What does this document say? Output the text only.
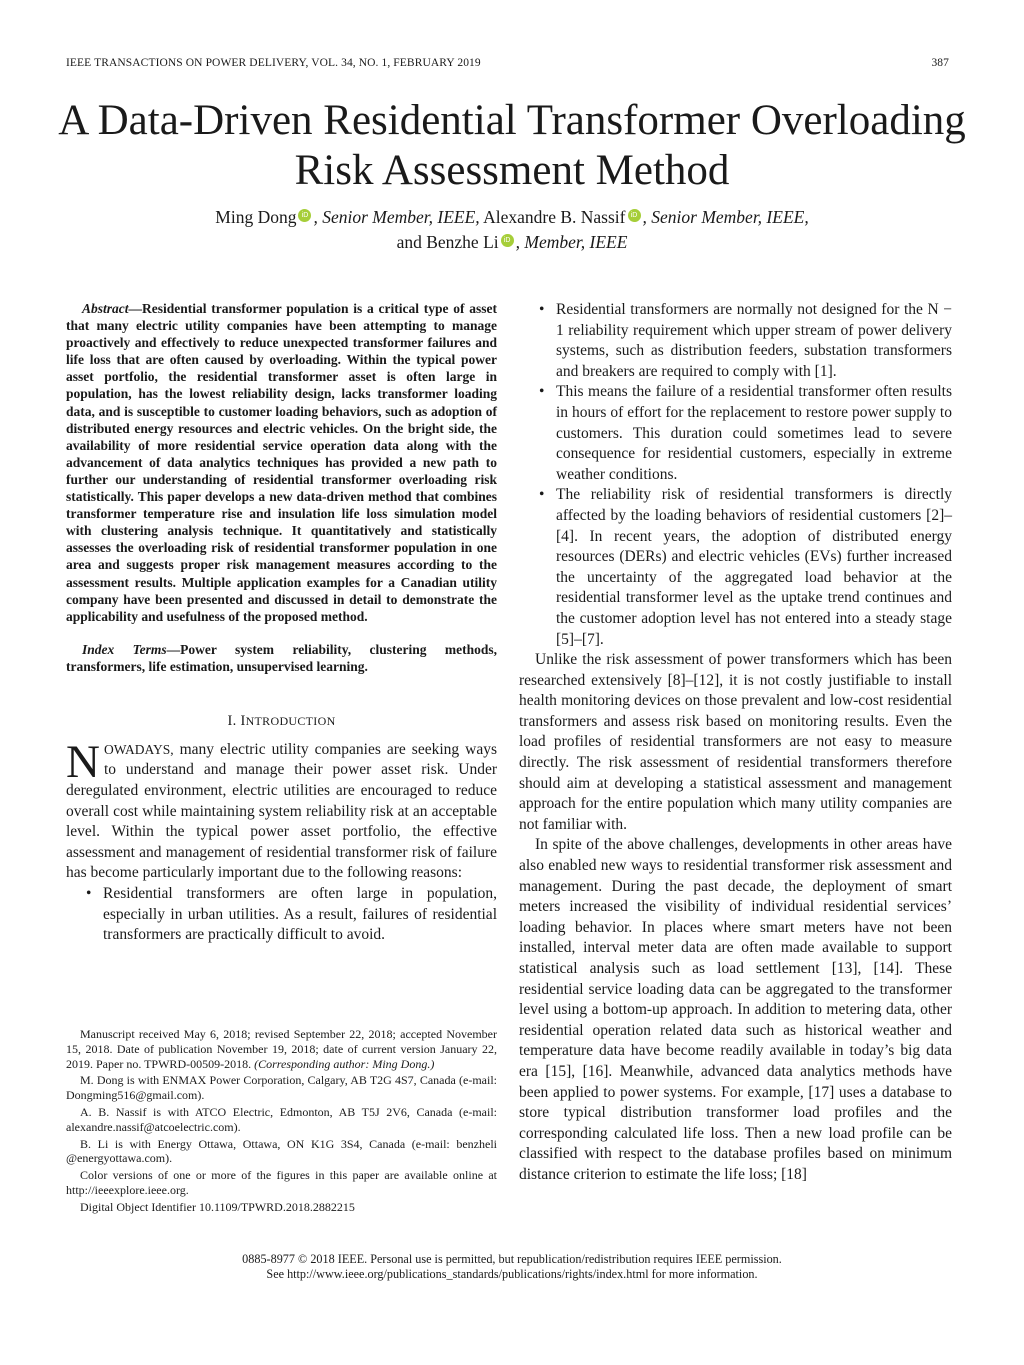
IEEE TRANSACTIONS ON POWER DELIVERY, VOL. 34, NO. 1, FEBRUARY 2019	387
A Data-Driven Residential Transformer Overloading
Risk Assessment Method
Ming Dong iD , Senior Member, IEEE, Alexandre B. Nassif iD , Senior Member, IEEE,
and Benzhe Li iD , Member, IEEE

Abstract—Residential transformer population is a critical type of asset that many electric utility companies have been attempting to manage proactively and effectively to reduce unexpected transformer failures and life loss that are often caused by overloading. Within the typical power asset portfolio, the residential transformer asset is often large in population, has the lowest reliability design, lacks transformer loading data, and is susceptible to customer loading behaviors, such as adoption of distributed energy resources and electric vehicles. On the bright side, the availability of more residential service operation data along with the advancement of data analytics techniques has provided a new path to further our understanding of residential transformer overloading risk statistically. This paper develops a new data-driven method that combines transformer temperature rise and insulation life loss simulation model with clustering analysis technique. It quantitatively and statistically assesses the overloading risk of residential transformer population in one area and suggests proper risk management measures according to the assessment results. Multiple application examples for a Canadian utility company have been presented and discussed in detail to demonstrate the applicability and usefulness of the proposed method.

Index Terms—Power system reliability, clustering methods, transformers, life estimation, unsupervised learning.

I. INTRODUCTION

NOWADAYS, many electric utility companies are seeking ways to understand and manage their power asset risk. Under deregulated environment, electric utilities are encouraged to reduce overall cost while maintaining system reliability risk at an acceptable level. Within the typical power asset portfolio, the effective assessment and management of residential transformer risk of failure has become particularly important due to the following reasons:

• Residential transformers are often large in population, especially in urban utilities. As a result, failures of residential transformers are practically difficult to avoid.

Manuscript received May 6, 2018; revised September 22, 2018; accepted November 15, 2018. Date of publication November 19, 2018; date of current version January 22, 2019. Paper no. TPWRD-00509-2018. (Corresponding author: Ming Dong.)

M. Dong is with ENMAX Power Corporation, Calgary, AB T2G 4S7, Canada (e-mail: Dongming516@gmail.com).

A. B. Nassif is with ATCO Electric, Edmonton, AB T5J 2V6, Canada (e-mail: alexandre.nassif@atcoelectric.com).

B. Li is with Energy Ottawa, Ottawa, ON K1G 3S4, Canada (e-mail: benzheli @energyottawa.com).

Color versions of one or more of the figures in this paper are available online at http://ieeexplore.ieee.org.

Digital Object Identifier 10.1109/TPWRD.2018.2882215

• Residential transformers are normally not designed for the N − 1 reliability requirement which upper stream of power delivery systems, such as distribution feeders, substation transformers and breakers are required to comply with [1].
• This means the failure of a residential transformer often results in hours of effort for the replacement to restore power supply to customers. This duration could sometimes lead to severe consequence for residential customers, especially in extreme weather conditions.
• The reliability risk of residential transformers is directly affected by the loading behaviors of residential customers [2]–[4]. In recent years, the adoption of distributed energy resources (DERs) and electric vehicles (EVs) further increased the uncertainty of the aggregated load behavior at the residential transformer level as the uptake trend continues and the customer adoption level has not entered into a steady stage [5]–[7].

Unlike the risk assessment of power transformers which has been researched extensively [8]–[12], it is not costly justifiable to install health monitoring devices on those prevalent and low-cost residential transformers and assess risk based on monitoring results. Even the load profiles of residential transformers are not easy to measure directly. The risk assessment of residential transformers therefore should aim at developing a statistical assessment and management approach for the entire population which many utility companies are not familiar with.

In spite of the above challenges, developments in other areas have also enabled new ways to residential transformer risk assessment and management. During the past decade, the deployment of smart meters increased the visibility of individual residential services’ loading behavior. In places where smart meters have not been installed, interval meter data are often made available to support statistical analysis such as load settlement [13], [14]. These residential service loading data can be aggregated to the transformer level using a bottom-up approach. In addition to metering data, other residential operation related data such as historical weather and temperature data have become readily available in today’s big data era [15], [16]. Meanwhile, advanced data analytics methods have been applied to power systems. For example, [17] uses a database to store typical distribution transformer load profiles and the corresponding calculated life loss. Then a new load profile can be classified with respect to the database profiles based on minimum distance criterion to estimate the life loss; [18]

0885-8977 © 2018 IEEE. Personal use is permitted, but republication/redistribution requires IEEE permission.
See http://www.ieee.org/publications_standards/publications/rights/index.html for more information.
